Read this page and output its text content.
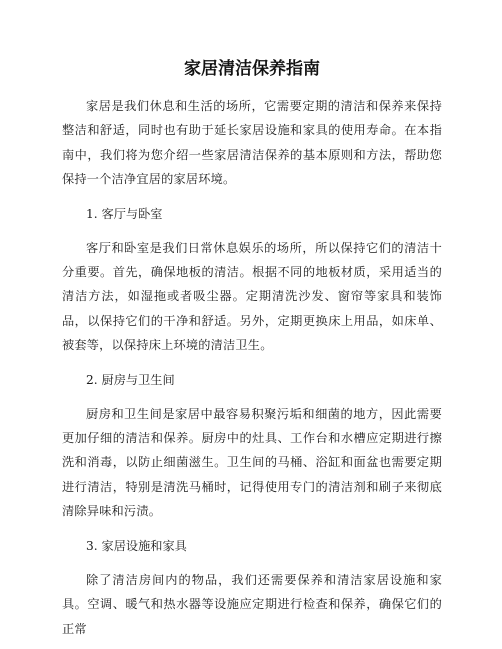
家居清洁保养指南

家居是我们休息和生活的场所，它需要定期的清洁和保养来保持整洁和舒适，同时也有助于延长家居设施和家具的使用寿命。在本指南中，我们将为您介绍一些家居清洁保养的基本原则和方法，帮助您保持一个洁净宜居的家居环境。

1. 客厅与卧室

客厅和卧室是我们日常休息娱乐的场所，所以保持它们的清洁十分重要。首先，确保地板的清洁。根据不同的地板材质，采用适当的清洁方法，如湿拖或者吸尘器。定期清洗沙发、窗帘等家具和装饰品，以保持它们的干净和舒适。另外，定期更换床上用品，如床单、被套等，以保持床上环境的清洁卫生。

2. 厨房与卫生间

厨房和卫生间是家居中最容易积聚污垢和细菌的地方，因此需要更加仔细的清洁和保养。厨房中的灶具、工作台和水槽应定期进行擦洗和消毒，以防止细菌滋生。卫生间的马桶、浴缸和面盆也需要定期进行清洁，特别是清洗马桶时，记得使用专门的清洁剂和刷子来彻底清除异味和污渍。

3. 家居设施和家具

除了清洁房间内的物品，我们还需要保养和清洁家居设施和家具。空调、暖气和热水器等设施应定期进行检查和保养，确保它们的正常
